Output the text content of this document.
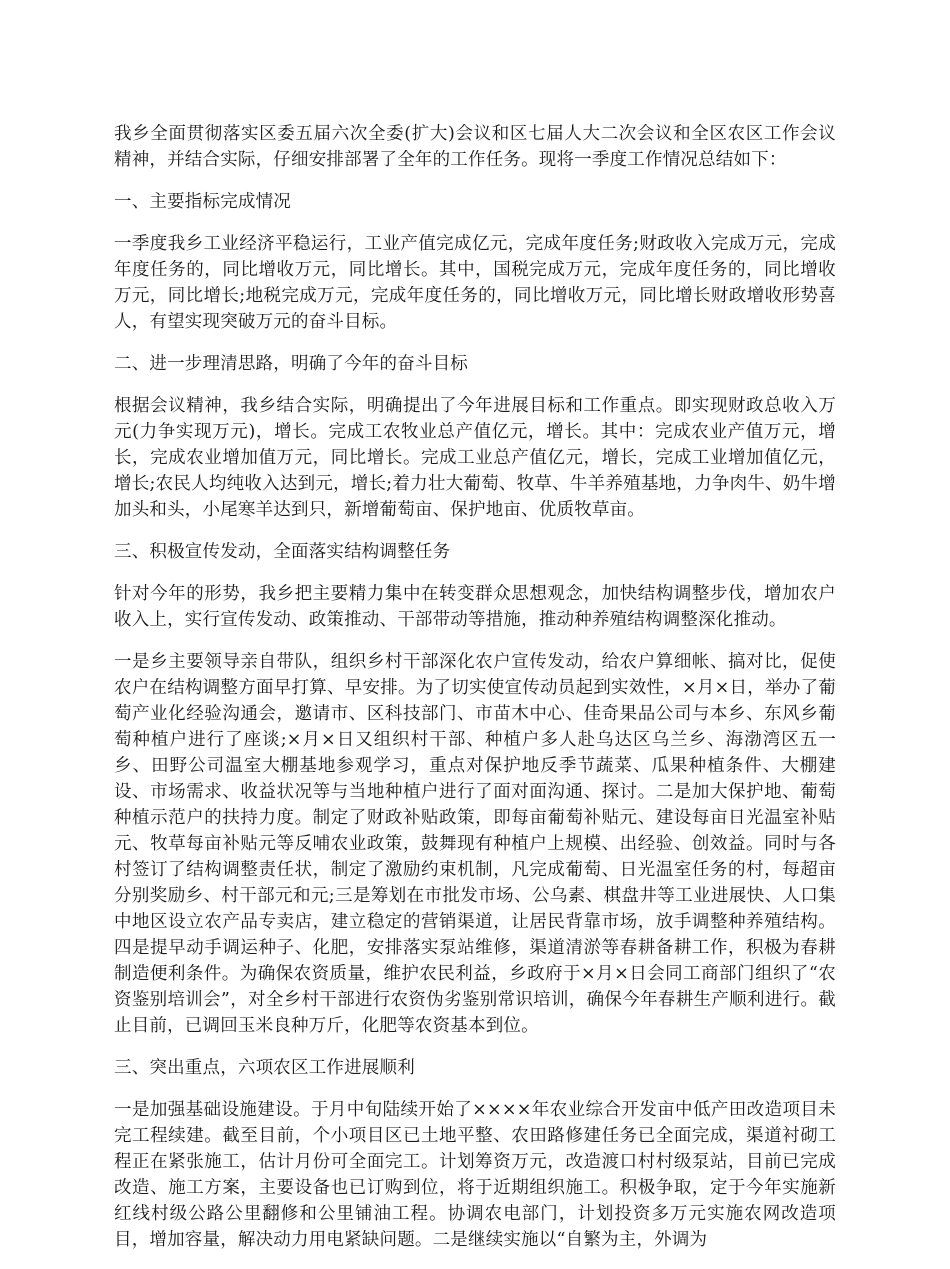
我乡全面贯彻落实区委五届六次全委(扩大)会议和区七届人大二次会议和全区农区工作会议精神，并结合实际，仔细安排部署了全年的工作任务。现将一季度工作情况总结如下：

一、主要指标完成情况

一季度我乡工业经济平稳运行，工业产值完成亿元，完成年度任务;财政收入完成万元，完成年度任务的，同比增收万元，同比增长。其中，国税完成万元，完成年度任务的，同比增收万元，同比增长;地税完成万元，完成年度任务的，同比增收万元，同比增长财政增收形势喜人，有望实现突破万元的奋斗目标。

二、进一步理清思路，明确了今年的奋斗目标

根据会议精神，我乡结合实际，明确提出了今年进展目标和工作重点。即实现财政总收入万元(力争实现万元)，增长。完成工农牧业总产值亿元，增长。其中：完成农业产值万元，增长，完成农业增加值万元，同比增长。完成工业总产值亿元，增长，完成工业增加值亿元，增长;农民人均纯收入达到元，增长;着力壮大葡萄、牧草、牛羊养殖基地，力争肉牛、奶牛增加头和头，小尾寒羊达到只，新增葡萄亩、保护地亩、优质牧草亩。

三、积极宣传发动，全面落实结构调整任务

针对今年的形势，我乡把主要精力集中在转变群众思想观念，加快结构调整步伐，增加农户收入上，实行宣传发动、政策推动、干部带动等措施，推动种养殖结构调整深化推动。

一是乡主要领导亲自带队，组织乡村干部深化农户宣传发动，给农户算细帐、搞对比，促使农户在结构调整方面早打算、早安排。为了切实使宣传动员起到实效性，×月×日，举办了葡萄产业化经验沟通会，邀请市、区科技部门、市苗木中心、佳奇果品公司与本乡、东风乡葡萄种植户进行了座谈;×月×日又组织村干部、种植户多人赴乌达区乌兰乡、海渤湾区五一乡、田野公司温室大棚基地参观学习，重点对保护地反季节蔬菜、瓜果种植条件、大棚建设、市场需求、收益状况等与当地种植户进行了面对面沟通、探讨。二是加大保护地、葡萄种植示范户的扶持力度。制定了财政补贴政策，即每亩葡萄补贴元、建设每亩日光温室补贴元、牧草每亩补贴元等反哺农业政策，鼓舞现有种植户上规模、出经验、创效益。同时与各村签订了结构调整责任状，制定了激励约束机制，凡完成葡萄、日光温室任务的村，每超亩分别奖励乡、村干部元和元;三是筹划在市批发市场、公乌素、棋盘井等工业进展快、人口集中地区设立农产品专卖店，建立稳定的营销渠道，让居民背靠市场，放手调整种养殖结构。四是提早动手调运种子、化肥，安排落实泵站维修，渠道清淤等春耕备耕工作，积极为春耕制造便利条件。为确保农资质量，维护农民利益，乡政府于×月×日会同工商部门组织了“农资鉴别培训会”，对全乡村干部进行农资伪劣鉴别常识培训，确保今年春耕生产顺利进行。截止目前，已调回玉米良种万斤，化肥等农资基本到位。

三、突出重点，六项农区工作进展顺利

一是加强基础设施建设。于月中旬陆续开始了××××年农业综合开发亩中低产田改造项目未完工程续建。截至目前，个小项目区已土地平整、农田路修建任务已全面完成，渠道衬砌工程正在紧张施工，估计月份可全面完工。计划筹资万元，改造渡口村村级泵站，目前已完成改造、施工方案，主要设备也已订购到位，将于近期组织施工。积极争取，定于今年实施新红线村级公路公里翻修和公里铺油工程。协调农电部门，计划投资多万元实施农网改造项目，增加容量，解决动力用电紧缺问题。二是继续实施以“自繁为主，外调为
